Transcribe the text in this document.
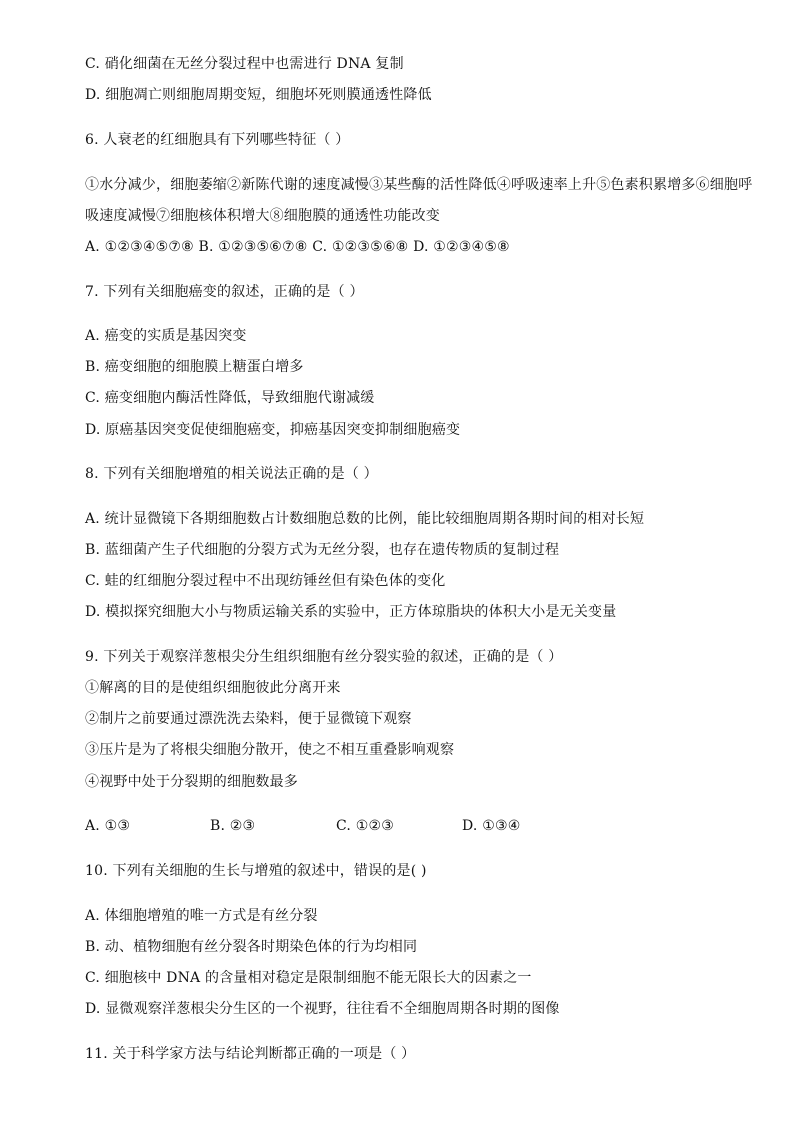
C. 硝化细菌在无丝分裂过程中也需进行 DNA 复制
D. 细胞凋亡则细胞周期变短，细胞坏死则膜通透性降低
6. 人衰老的红细胞具有下列哪些特征（ ）
①水分减少，细胞萎缩②新陈代谢的速度减慢③某些酶的活性降低④呼吸速率上升⑤色素积累增多⑥细胞呼
吸速度减慢⑦细胞核体积增大⑧细胞膜的通透性功能改变
A. ①②③④⑤⑦⑧ B. ①②③⑤⑥⑦⑧ C. ①②③⑤⑥⑧ D. ①②③④⑤⑧
7. 下列有关细胞癌变的叙述，正确的是（ ）
A. 癌变的实质是基因突变
B. 癌变细胞的细胞膜上糖蛋白增多
C. 癌变细胞内酶活性降低，导致细胞代谢减缓
D. 原癌基因突变促使细胞癌变，抑癌基因突变抑制细胞癌变
8. 下列有关细胞增殖的相关说法正确的是（ ）
A. 统计显微镜下各期细胞数占计数细胞总数的比例，能比较细胞周期各期时间的相对长短
B. 蓝细菌产生子代细胞的分裂方式为无丝分裂，也存在遗传物质的复制过程
C. 蛙的红细胞分裂过程中不出现纺锤丝但有染色体的变化
D. 模拟探究细胞大小与物质运输关系的实验中，正方体琼脂块的体积大小是无关变量
9. 下列关于观察洋葱根尖分生组织细胞有丝分裂实验的叙述，正确的是（ ）
①解离的目的是使组织细胞彼此分离开来
②制片之前要通过漂洗洗去染料，便于显微镜下观察
③压片是为了将根尖细胞分散开，使之不相互重叠影响观察
④视野中处于分裂期的细胞数最多
A. ①③	B. ②③	C. ①②③	D. ①③④
10. 下列有关细胞的生长与增殖的叙述中，错误的是( )
A. 体细胞增殖的唯一方式是有丝分裂
B. 动、植物细胞有丝分裂各时期染色体的行为均相同
C. 细胞核中 DNA 的含量相对稳定是限制细胞不能无限长大的因素之一
D. 显微观察洋葱根尖分生区的一个视野，往往看不全细胞周期各时期的图像
11. 关于科学家方法与结论判断都正确的一项是（ ）
